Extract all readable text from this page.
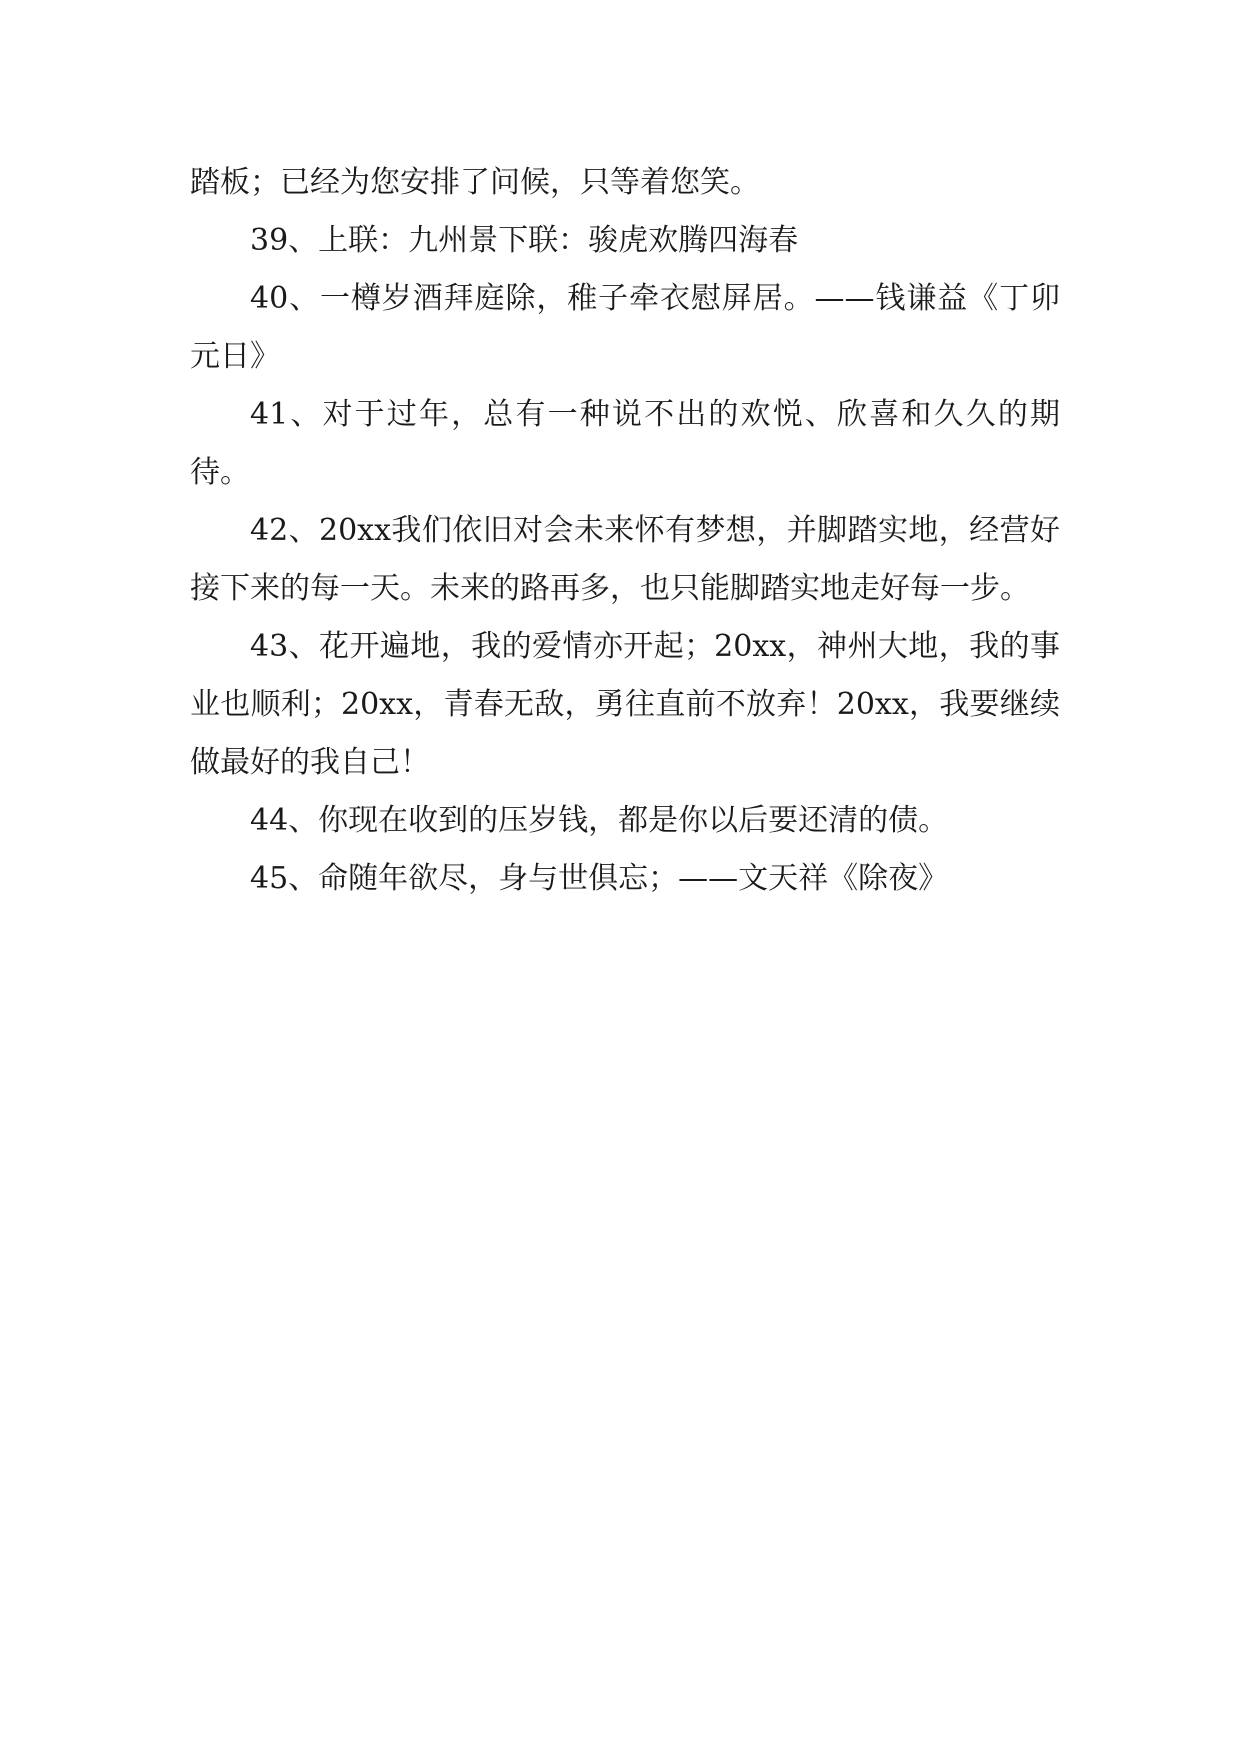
踏板；已经为您安排了问候，只等着您笑。

39、上联：九州景下联：骏虎欢腾四海春

40、一樽岁酒拜庭除，稚子牵衣慰屏居。——钱谦益《丁卯元日》

41、对于过年，总有一种说不出的欢悦、欣喜和久久的期待。

42、20xx我们依旧对会未来怀有梦想，并脚踏实地，经营好接下来的每一天。未来的路再多，也只能脚踏实地走好每一步。

43、花开遍地，我的爱情亦开起；20xx，神州大地，我的事业也顺利；20xx，青春无敌，勇往直前不放弃！20xx，我要继续做最好的我自己！

44、你现在收到的压岁钱，都是你以后要还清的债。

45、命随年欲尽，身与世俱忘；——文天祥《除夜》
